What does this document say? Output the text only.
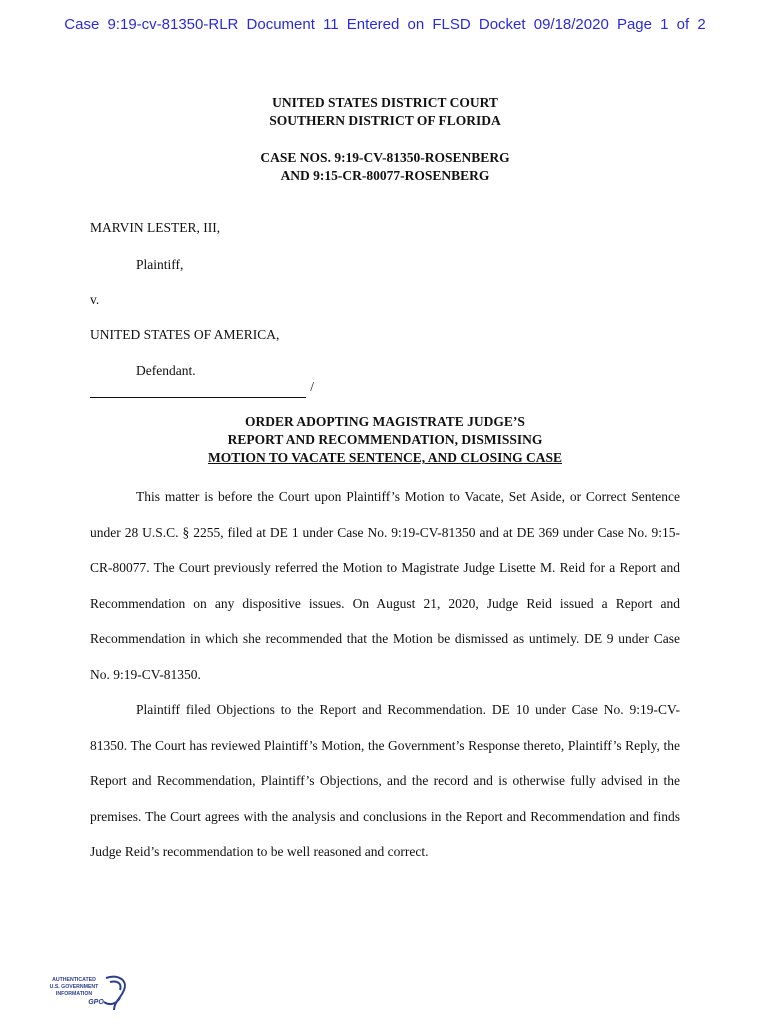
Case 9:19-cv-81350-RLR Document 11 Entered on FLSD Docket 09/18/2020 Page 1 of 2
UNITED STATES DISTRICT COURT
SOUTHERN DISTRICT OF FLORIDA
CASE NOS. 9:19-CV-81350-ROSENBERG
AND 9:15-CR-80077-ROSENBERG
MARVIN LESTER, III,
Plaintiff,
v.
UNITED STATES OF AMERICA,
Defendant.
/
ORDER ADOPTING MAGISTRATE JUDGE’S
REPORT AND RECOMMENDATION, DISMISSING
MOTION TO VACATE SENTENCE, AND CLOSING CASE

This matter is before the Court upon Plaintiff’s Motion to Vacate, Set Aside, or Correct Sentence under 28 U.S.C. § 2255, filed at DE 1 under Case No. 9:19-CV-81350 and at DE 369 under Case No. 9:15-CR-80077. The Court previously referred the Motion to Magistrate Judge Lisette M. Reid for a Report and Recommendation on any dispositive issues. On August 21, 2020, Judge Reid issued a Report and Recommendation in which she recommended that the Motion be dismissed as untimely. DE 9 under Case No. 9:19-CV-81350.

Plaintiff filed Objections to the Report and Recommendation. DE 10 under Case No. 9:19-CV-81350. The Court has reviewed Plaintiff’s Motion, the Government’s Response thereto, Plaintiff’s Reply, the Report and Recommendation, Plaintiff’s Objections, and the record and is otherwise fully advised in the premises. The Court agrees with the analysis and conclusions in the Report and Recommendation and finds Judge Reid’s recommendation to be well reasoned and correct.

AUTHENTICATED
U.S. GOVERNMENT
INFORMATION
GPO
